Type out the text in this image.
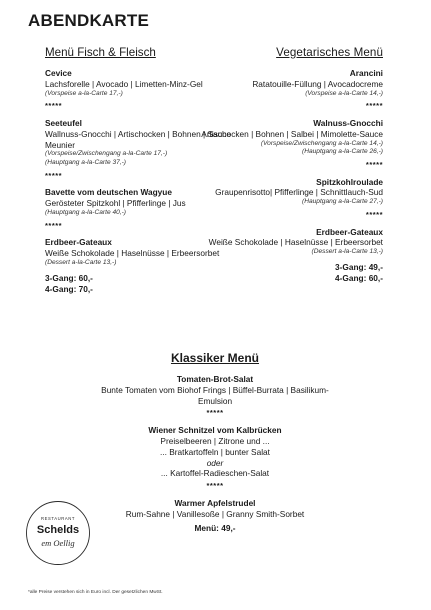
ABENDKARTE
Menü Fisch & Fleisch
Cevice
Lachsforelle | Avocado | Limetten-Minz-Gel
(Vorspeise a-la-Carte 17,-)
*****
Seeteufel
Wallnuss-Gnocchi | Artischocken | Bohnen | Sauce Meunier
(Vorspeise/Zwischengang a-la-Carte 17,-)
(Hauptgang a-la-Carte 37,-)
*****
Bavette vom deutschen Wagyue
Gerösteter Spitzkohl | Pfifferlinge | Jus
(Hauptgang a-la-Carte 40,-)
*****
Erdbeer-Gateaux
Weiße Schokolade | Haselnüsse | Erbeersorbet
(Dessert a-la-Carte 13,-)
3-Gang: 60,-
4-Gang: 70,-
Vegetarisches Menü
Arancini
Ratatouille-Füllung | Avocadocreme
(Vorspeise a-la-Carte 14,-)
*****
Walnuss-Gnocchi
Artischocken | Bohnen | Salbei | Mimolette-Sauce
(Vorspeise/Zwischengang a-la-Carte 14,-)
(Hauptgang a-la-Carte 26,-)
*****
Spitzkohlroulade
Graupenrisotto| Pfifferlinge | Schnittlauch-Sud
(Hauptgang a-la-Carte 27,-)
*****
Erdbeer-Gateaux
Weiße Schokolade | Haselnüsse | Erbeersorbet
(Dessert a-la-Carte 13,-)
3-Gang: 49,-
4-Gang: 60,-
Klassiker Menü
Tomaten-Brot-Salat
Bunte Tomaten vom Biohof Frings | Büffel-Burrata | Basilikum- Emulsion
*****
Wiener Schnitzel vom Kalbrücken
Preiselbeeren | Zitrone und ...
... Bratkartoffeln | bunter Salat
oder
... Kartoffel-Radieschen-Salat
*****
Warmer Apfelstrudel
Rum-Sahne | Vanillesoße | Granny Smith-Sorbet
Menü: 49,-
RESTAURANT
Schelds
em Oellig
*alle Preise verstehen sich in Euro incl. Der gesetzlichen MwSt.
